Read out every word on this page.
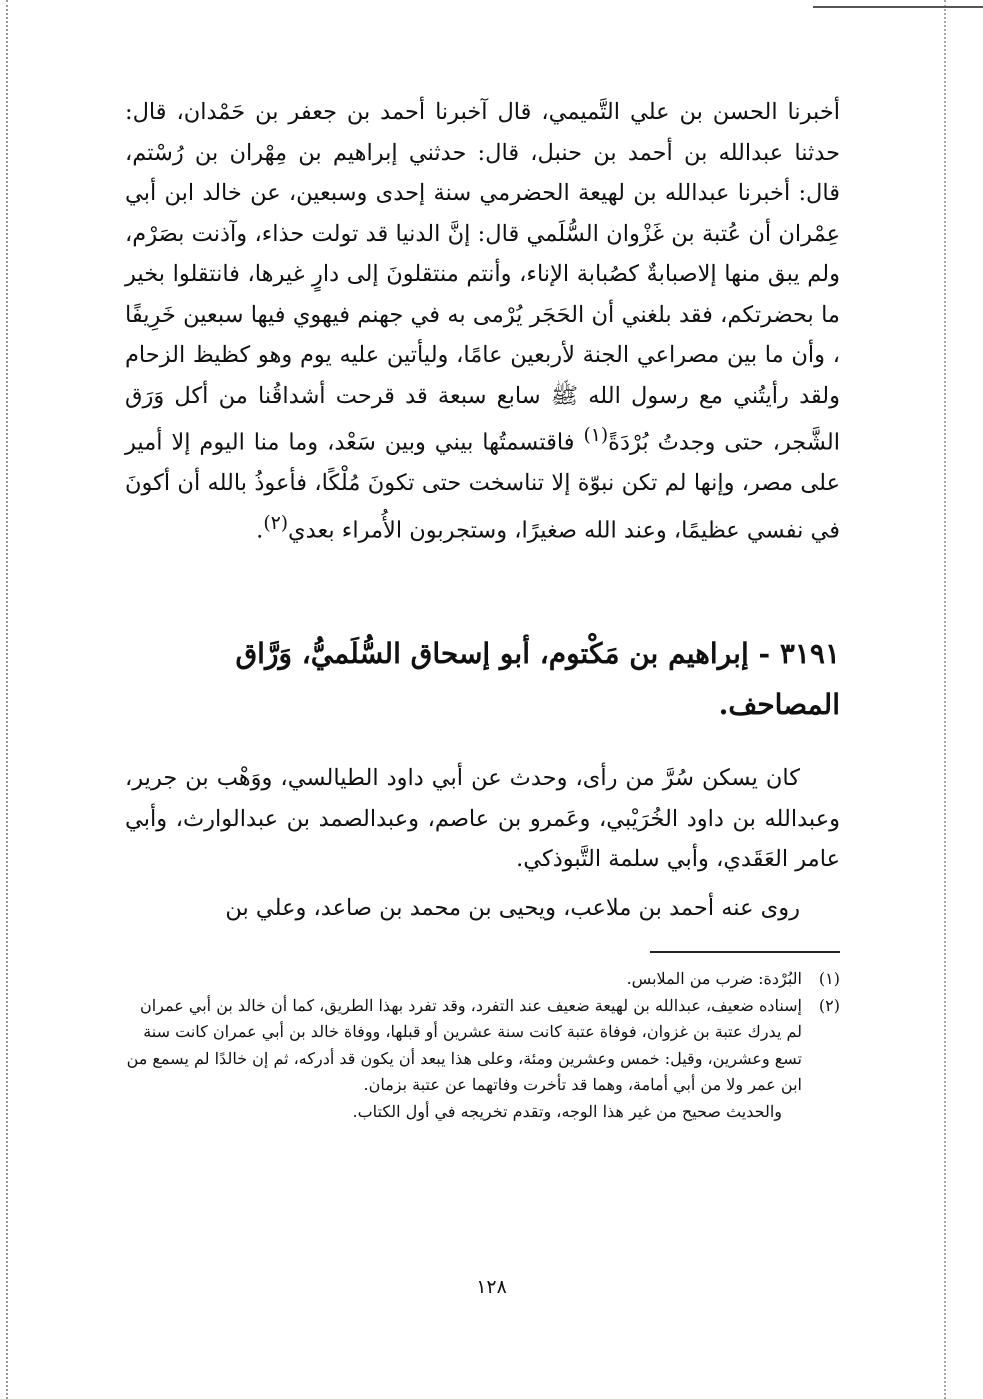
أخبرنا الحسن بن علي التَّميمي، قال آخبرنا أحمد بن جعفر بن حَمْدان، قال: حدثنا عبدالله بن أحمد بن حنبل، قال: حدثني إبراهيم بن مِهْران بن رُسْتم، قال: أخبرنا عبدالله بن لهيعة الحضرمي سنة إحدى وسبعين، عن خالد ابن أبي عِمْران أن عُتبة بن غَزْوان السُّلَمي قال: إنَّ الدنيا قد تولت حذاء، وآذنت بصَرْم، ولم يبق منها إلاصبابةٌ كصُبابة الإناء، وأنتم منتقلونَ إلى دارٍ غيرها، فانتقلوا بخير ما بحضرتكم، فقد بلغني أن الحَجَر يُرْمى به في جهنم فيهوي فيها سبعين خَرِيفًا ، وأن ما بين مصراعي الجنة لأربعين عامًا، وليأتين عليه يوم وهو كظيظ الزحام ولقد رأيتُني مع رسول الله ﷺ سابع سبعة قد قرحت أشداقُنا من أكل وَرَق الشَّجر، حتى وجدتُ بُرْدَةً$^{(١)}$ فاقتسمتُها بيني وبين سَعْد، وما منا اليوم إلا أمير على مصر، وإنها لم تكن نبوّة إلا تناسخت حتى تكونَ مُلْكًا، فأعوذُ بالله أن أكونَ في نفسي عظيمًا، وعند الله صغيرًا، وستجربون الأُمراء بعدي$^{(٢)}$.

٣١٩١ - إبراهيم بن مَكْتوم، أبو إسحاق السُّلَميُّ، وَرَّاق المصاحف.

كان يسكن سُرَّ من رأى، وحدث عن أبي داود الطيالسي، ووَهْب بن جرير، وعبدالله بن داود الخُرَيْبي، وعَمرو بن عاصم، وعبدالصمد بن عبدالوارث، وأبي عامر العَقَدي، وأبي سلمة التَّبوذكي.

روى عنه أحمد بن ملاعب، ويحيى بن محمد بن صاعد، وعلي بن

(١)

البُرْدة: ضرب من الملابس.

(٢)

إسناده ضعيف، عبدالله بن لهيعة ضعيف عند التفرد، وقد تفرد بهذا الطريق، كما أن خالد بن أبي عمران لم يدرك عتبة بن غزوان، فوفاة عتبة كانت سنة عشرين أو قبلها، ووفاة خالد بن أبي عمران كانت سنة تسع وعشرين، وقيل: خمس وعشرين ومئة، وعلى هذا يبعد أن يكون قد أدركه، ثم إن خالدًا لم يسمع من ابن عمر ولا من أبي أمامة، وهما قد تأخرت وفاتهما عن عتبة بزمان.

والحديث صحيح من غير هذا الوجه، وتقدم تخريجه في أول الكتاب.

١٢٨
